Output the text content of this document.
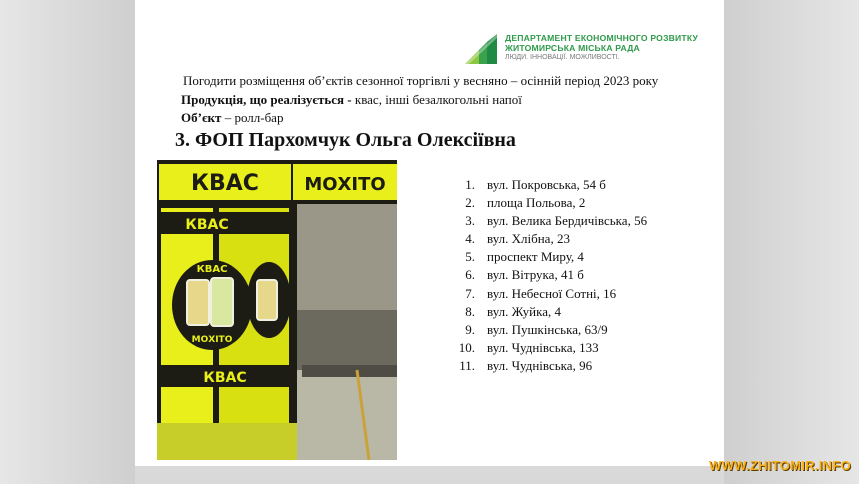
ДЕПАРТАМЕНТ ЕКОНОМІЧНОГО РОЗВИТКУ
ЖИТОМИРСЬКА МІСЬКА РАДА
ЛЮДИ. ІННОВАЦІЇ. МОЖЛИВОСТІ.
Погодити розміщення об’єктів сезонної торгівлі у весняно – осінній період 2023 року
Продукція, що реалізується - квас, інші безалкогольні напої
Об’єкт – ролл-бар
3. ФОП Пархомчук Ольга Олексіївна
КВАС	МОХІТО
КВАС
КВАС
МОХІТО
КВАС
1. вул. Покровська, 54 б
2. площа Польова, 2
3. вул. Велика Бердичівська, 56
4. вул. Хлібна, 23
5. проспект Миру, 4
6. вул. Вітрука, 41 б
7. вул. Небесної Сотні, 16
8. вул. Жуйка, 4
9. вул. Пушкінська, 63/9
10. вул. Чуднівська, 133
11. вул. Чуднівська, 96
WWW.ZHITOMIR.INFO
